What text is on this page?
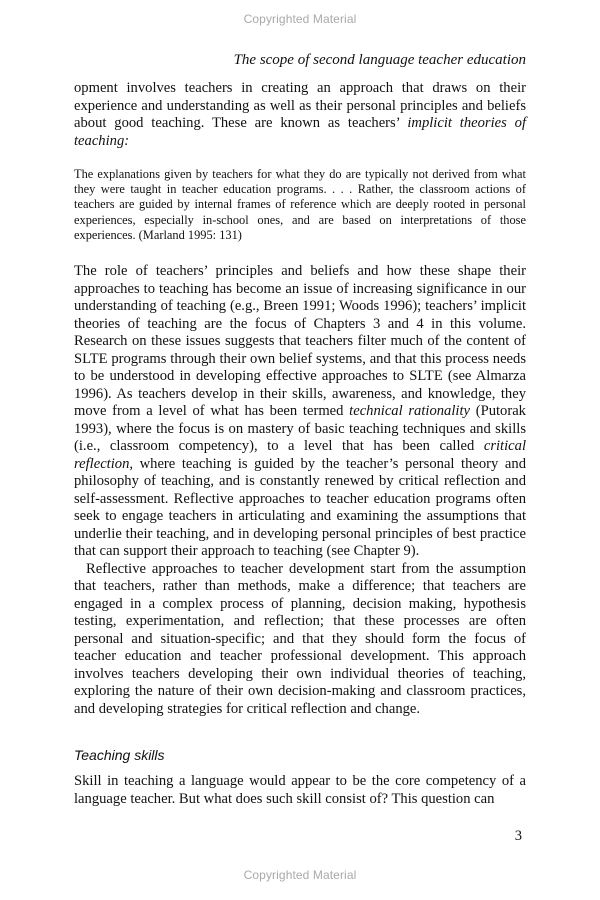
Copyrighted Material
The scope of second language teacher education

opment involves teachers in creating an approach that draws on their experience and understanding as well as their personal principles and beliefs about good teaching. These are known as teachers’ implicit theories of teaching:

The explanations given by teachers for what they do are typically not derived from what they were taught in teacher education programs. . . . Rather, the classroom actions of teachers are guided by internal frames of reference which are deeply rooted in personal experiences, especially in-school ones, and are based on interpretations of those experiences. (Marland 1995: 131)

The role of teachers’ principles and beliefs and how these shape their approaches to teaching has become an issue of increasing significance in our understanding of teaching (e.g., Breen 1991; Woods 1996); teachers’ implicit theories of teaching are the focus of Chapters 3 and 4 in this volume. Research on these issues suggests that teachers filter much of the content of SLTE programs through their own belief systems, and that this process needs to be understood in developing effective approaches to SLTE (see Almarza 1996). As teachers develop in their skills, awareness, and knowledge, they move from a level of what has been termed technical rationality (Putorak 1993), where the focus is on mastery of basic teaching techniques and skills (i.e., classroom competency), to a level that has been called critical reflection, where teaching is guided by the teacher’s personal theory and philosophy of teaching, and is constantly renewed by critical reflection and self-assessment. Reflective approaches to teacher education programs often seek to engage teachers in articulating and examining the assumptions that underlie their teaching, and in developing personal principles of best practice that can support their approach to teaching (see Chapter 9).

Reflective approaches to teacher development start from the assumption that teachers, rather than methods, make a difference; that teachers are engaged in a complex process of planning, decision making, hypothesis testing, experimentation, and reflection; that these processes are often personal and situation-specific; and that they should form the focus of teacher education and teacher professional development. This approach involves teachers developing their own individual theories of teaching, exploring the nature of their own decision-making and classroom practices, and developing strategies for critical reflection and change.

Teaching skills

Skill in teaching a language would appear to be the core competency of a language teacher. But what does such skill consist of? This question can

3
Copyrighted Material
